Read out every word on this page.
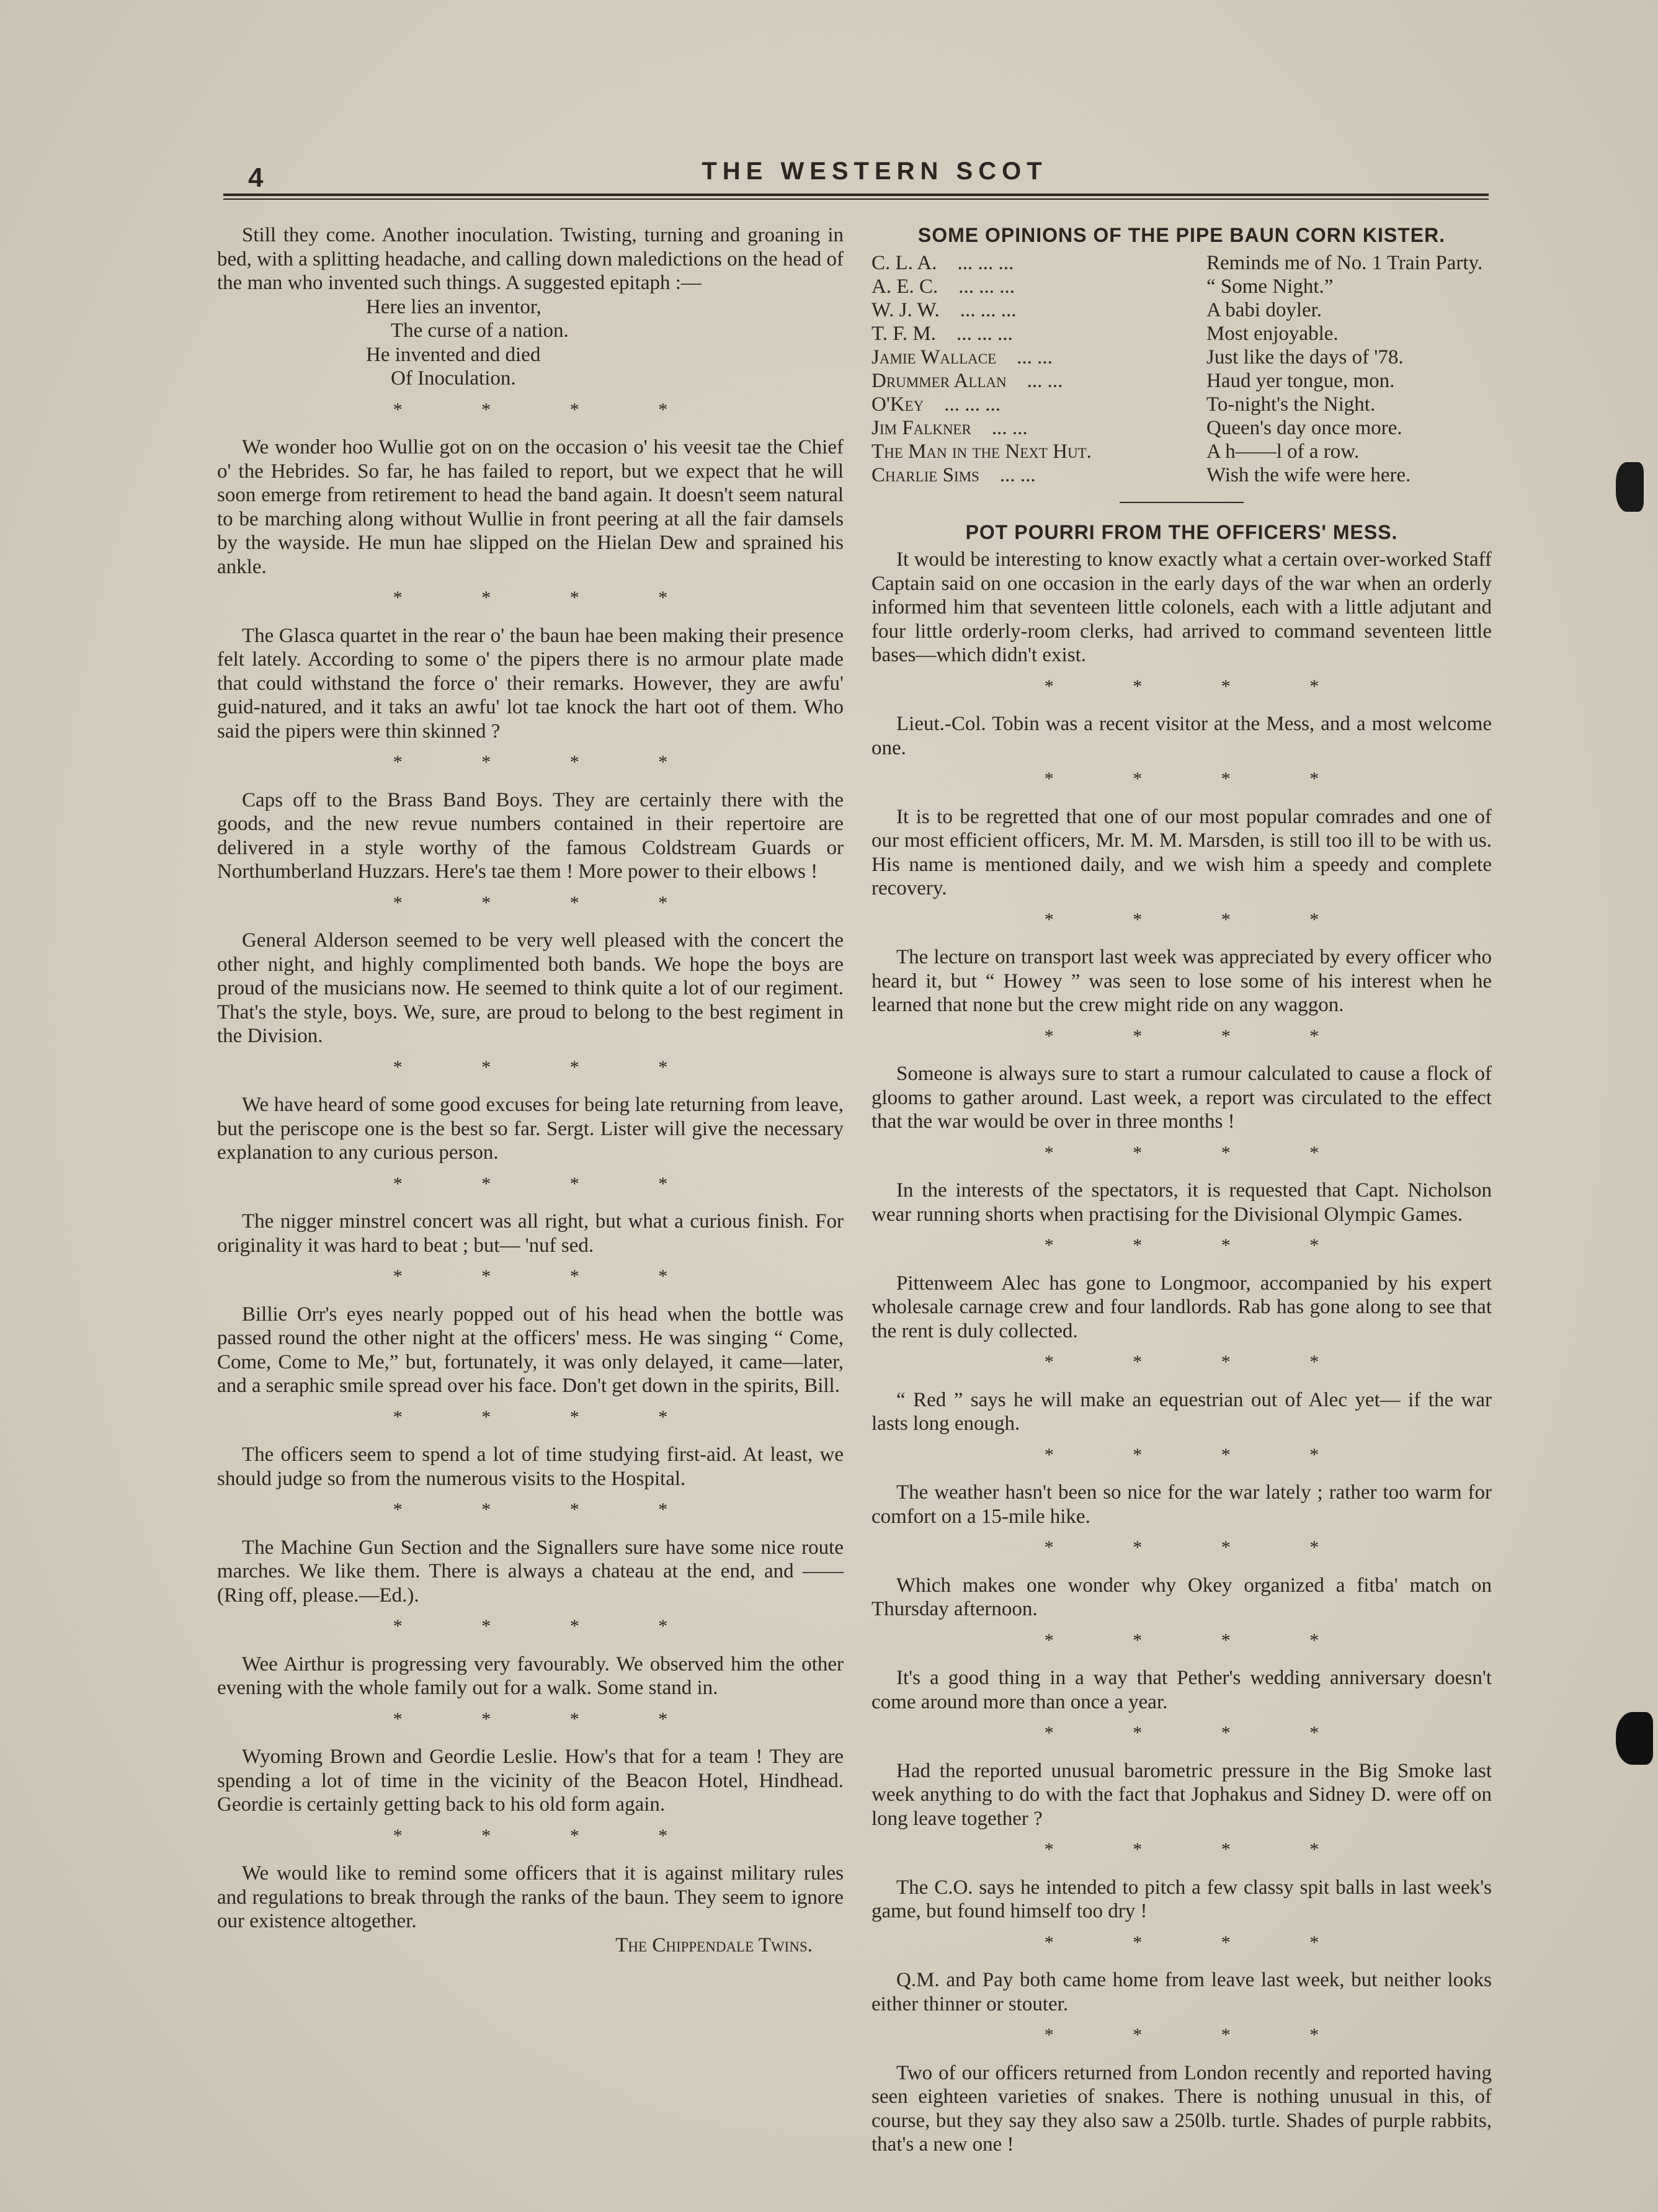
4	THE WESTERN SCOT

Still they come. Another inoculation. Twisting, turning and groaning in bed, with a splitting headache, and calling down maledictions on the head of the man who invented such things. A suggested epitaph :—

Here lies an inventor,
The curse of a nation.
He invented and died
Of Inoculation.
* * * *

We wonder hoo Wullie got on on the occasion o' his veesit tae the Chief o' the Hebrides. So far, he has failed to report, but we expect that he will soon emerge from retirement to head the band again. It doesn't seem natural to be marching along without Wullie in front peering at all the fair damsels by the wayside. He mun hae slipped on the Hielan Dew and sprained his ankle.

* * * *

The Glasca quartet in the rear o' the baun hae been making their presence felt lately. According to some o' the pipers there is no armour plate made that could withstand the force o' their remarks. However, they are awfu' guid-natured, and it taks an awfu' lot tae knock the hart oot of them. Who said the pipers were thin skinned ?

* * * *

Caps off to the Brass Band Boys. They are certainly there with the goods, and the new revue numbers contained in their repertoire are delivered in a style worthy of the famous Coldstream Guards or Northumberland Huzzars. Here's tae them ! More power to their elbows !

* * * *

General Alderson seemed to be very well pleased with the concert the other night, and highly complimented both bands. We hope the boys are proud of the musicians now. He seemed to think quite a lot of our regiment. That's the style, boys. We, sure, are proud to belong to the best regiment in the Division.

* * * *

We have heard of some good excuses for being late returning from leave, but the periscope one is the best so far. Sergt. Lister will give the necessary explanation to any curious person.

* * * *

The nigger minstrel concert was all right, but what a curious finish. For originality it was hard to beat ; but— 'nuf sed.

* * * *

Billie Orr's eyes nearly popped out of his head when the bottle was passed round the other night at the officers' mess. He was singing “ Come, Come, Come to Me,” but, fortunately, it was only delayed, it came—later, and a seraphic smile spread over his face. Don't get down in the spirits, Bill.

* * * *

The officers seem to spend a lot of time studying first-aid. At least, we should judge so from the numerous visits to the Hospital.

* * * *

The Machine Gun Section and the Signallers sure have some nice route marches. We like them. There is always a chateau at the end, and —— (Ring off, please.—Ed.).

* * * *

Wee Airthur is progressing very favourably. We observed him the other evening with the whole family out for a walk. Some stand in.

* * * *

Wyoming Brown and Geordie Leslie. How's that for a team ! They are spending a lot of time in the vicinity of the Beacon Hotel, Hindhead. Geordie is certainly getting back to his old form again.

* * * *

We would like to remind some officers that it is against military rules and regulations to break through the ranks of the baun. They seem to ignore our existence altogether.

The Chippendale Twins.
SOME OPINIONS OF THE PIPE BAUN CORN KISTER.
C. L. A. ... ... ...	Reminds me of No. 1 Train Party.
A. E. C. ... ... ...	“ Some Night.”
W. J. W. ... ... ...	A babi doyler.
T. F. M. ... ... ...	Most enjoyable.
Jamie Wallace ... ...	Just like the days of '78.
Drummer Allan ... ...	Haud yer tongue, mon.
O'Key ... ... ...	To-night's the Night.
Jim Falkner ... ...	Queen's day once more.
The Man in the Next Hut.	A h——l of a row.
Charlie Sims ... ...	Wish the wife were here.
POT POURRI FROM THE OFFICERS' MESS.

It would be interesting to know exactly what a certain over-worked Staff Captain said on one occasion in the early days of the war when an orderly informed him that seventeen little colonels, each with a little adjutant and four little orderly-room clerks, had arrived to command seventeen little bases—which didn't exist.

* * * *

Lieut.-Col. Tobin was a recent visitor at the Mess, and a most welcome one.

* * * *

It is to be regretted that one of our most popular comrades and one of our most efficient officers, Mr. M. M. Marsden, is still too ill to be with us. His name is mentioned daily, and we wish him a speedy and complete recovery.

* * * *

The lecture on transport last week was appreciated by every officer who heard it, but “ Howey ” was seen to lose some of his interest when he learned that none but the crew might ride on any waggon.

* * * *

Someone is always sure to start a rumour calculated to cause a flock of glooms to gather around. Last week, a report was circulated to the effect that the war would be over in three months !

* * * *

In the interests of the spectators, it is requested that Capt. Nicholson wear running shorts when practising for the Divisional Olympic Games.

* * * *

Pittenweem Alec has gone to Longmoor, accompanied by his expert wholesale carnage crew and four landlords. Rab has gone along to see that the rent is duly collected.

* * * *

“ Red ” says he will make an equestrian out of Alec yet— if the war lasts long enough.

* * * *

The weather hasn't been so nice for the war lately ; rather too warm for comfort on a 15-mile hike.

* * * *

Which makes one wonder why Okey organized a fitba' match on Thursday afternoon.

* * * *

It's a good thing in a way that Pether's wedding anniversary doesn't come around more than once a year.

* * * *

Had the reported unusual barometric pressure in the Big Smoke last week anything to do with the fact that Jophakus and Sidney D. were off on long leave together ?

* * * *

The C.O. says he intended to pitch a few classy spit balls in last week's game, but found himself too dry !

* * * *

Q.M. and Pay both came home from leave last week, but neither looks either thinner or stouter.

* * * *

Two of our officers returned from London recently and reported having seen eighteen varieties of snakes. There is nothing unusual in this, of course, but they say they also saw a 250lb. turtle. Shades of purple rabbits, that's a new one !
